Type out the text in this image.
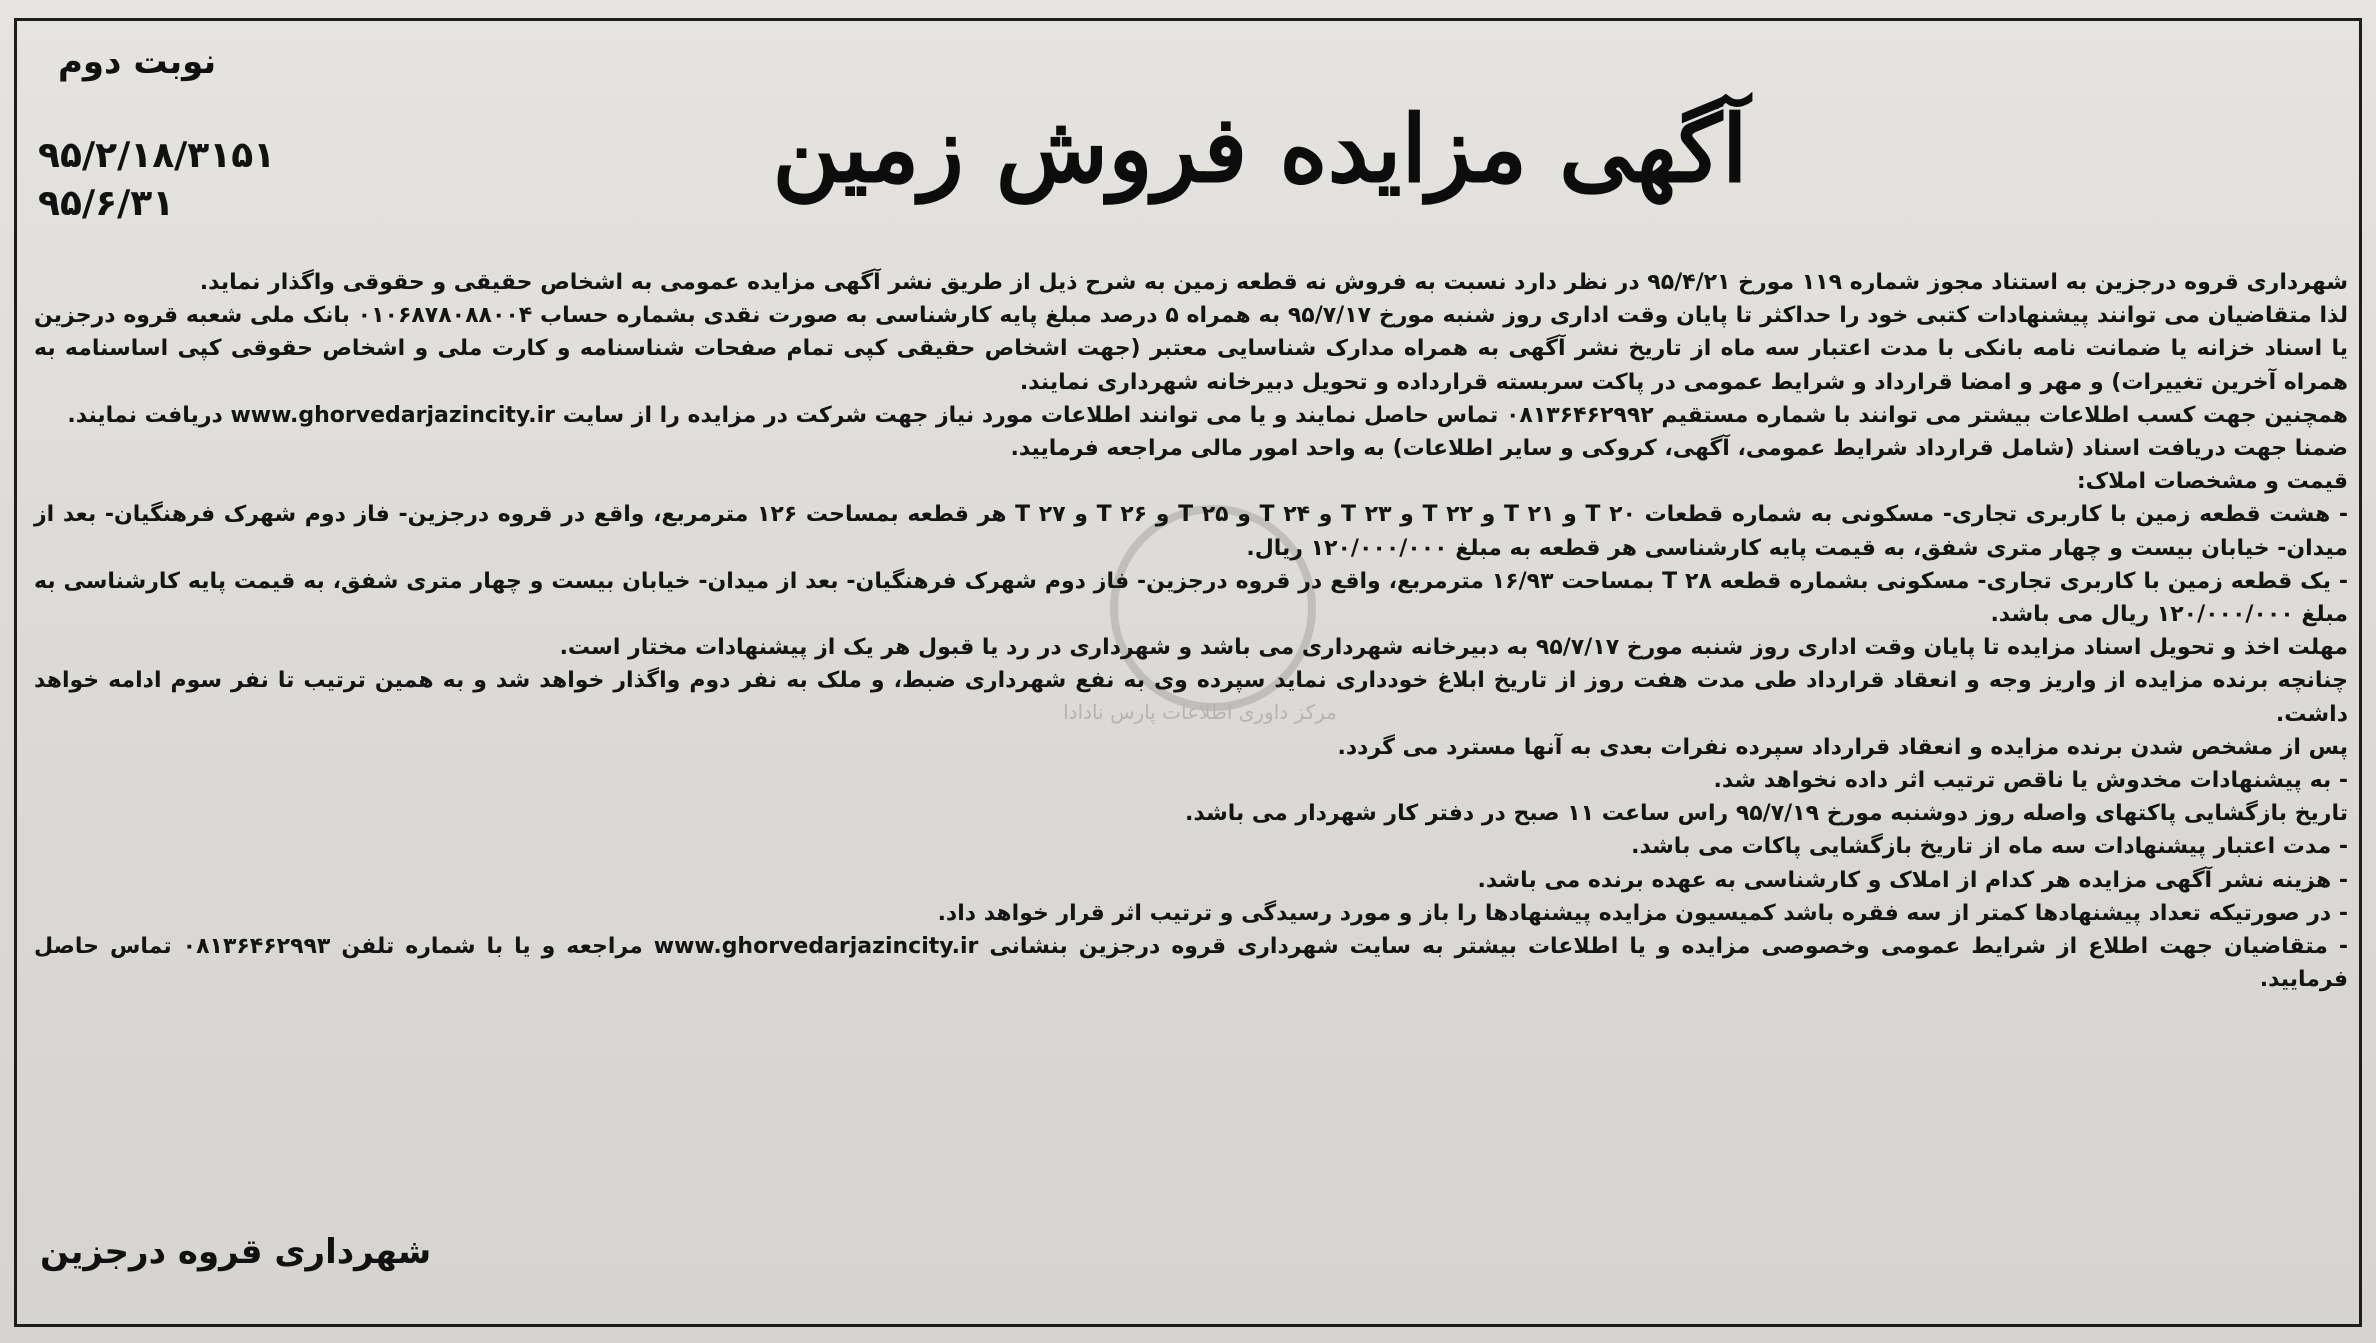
نوبت دوم
۹۵/۲/۱۸/۳۱۵۱
۹۵/۶/۳۱
آگهی مزایده فروش زمین
مرکز داوری اطلاعات پارس نادادا

شهرداری قروه درجزین به استناد مجوز شماره ۱۱۹ مورخ ۹۵/۴/۲۱ در نظر دارد نسبت به فروش نه قطعه زمین به شرح ذیل از طریق نشر آگهی مزایده عمومی به اشخاص حقیقی و حقوقی واگذار نماید.

لذا متقاضیان می توانند پیشنهادات کتبی خود را حداکثر تا پایان وقت اداری روز شنبه مورخ ۹۵/۷/۱۷ به همراه ۵ درصد مبلغ پایه کارشناسی به صورت نقدی بشماره حساب ۰۱۰۶۸۷۸۰۸۸۰۰۴ بانک ملی شعبه قروه درجزین یا اسناد خزانه یا ضمانت نامه بانکی با مدت اعتبار سه ماه از تاریخ نشر آگهی به همراه مدارک شناسایی معتبر (جهت اشخاص حقیقی کپی تمام صفحات شناسنامه و کارت ملی و اشخاص حقوقی کپی اساسنامه به همراه آخرین تغییرات) و مهر و امضا قرارداد و شرایط عمومی در پاکت سربسته قرارداده و تحویل دبیرخانه شهرداری نمایند.

همچنین جهت کسب اطلاعات بیشتر می توانند با شماره مستقیم ۰۸۱۳۶۴۶۲۹۹۲ تماس حاصل نمایند و یا می توانند اطلاعات مورد نیاز جهت شرکت در مزایده را از سایت www.ghorvedarjazincity.ir دریافت نمایند.

ضمنا جهت دریافت اسناد (شامل قرارداد شرایط عمومی، آگهی، کروکی و سایر اطلاعات) به واحد امور مالی مراجعه فرمایید.

قیمت و مشخصات املاک:

- هشت قطعه زمین با کاربری تجاری- مسکونی به شماره قطعات T ۲۰ و T ۲۱ و T ۲۲ و T ۲۳ و T ۲۴ و T ۲۵ و T ۲۶ و T ۲۷ هر قطعه بمساحت ۱۲۶ مترمربع، واقع در قروه درجزین- فاز دوم شهرک فرهنگیان- بعد از میدان- خیابان بیست و چهار متری شفق، به قیمت پایه کارشناسی هر قطعه به مبلغ ۱۲۰/۰۰۰/۰۰۰ ریال.

- یک قطعه زمین با کاربری تجاری- مسکونی بشماره قطعه T ۲۸ بمساحت ۱۶/۹۳ مترمربع، واقع در قروه درجزین- فاز دوم شهرک فرهنگیان- بعد از میدان- خیابان بیست و چهار متری شفق، به قیمت پایه کارشناسی به مبلغ ۱۲۰/۰۰۰/۰۰۰ ریال می باشد.

مهلت اخذ و تحویل اسناد مزایده تا پایان وقت اداری روز شنبه مورخ ۹۵/۷/۱۷ به دبیرخانه شهرداری می باشد و شهرداری در رد یا قبول هر یک از پیشنهادات مختار است.

چنانچه برنده مزایده از واریز وجه و انعقاد قرارداد طی مدت هفت روز از تاریخ ابلاغ خودداری نماید سپرده وی به نفع شهرداری ضبط، و ملک به نفر دوم واگذار خواهد شد و به همین ترتیب تا نفر سوم ادامه خواهد داشت.

پس از مشخص شدن برنده مزایده و انعقاد قرارداد سپرده نفرات بعدی به آنها مسترد می گردد.

- به پیشنهادات مخدوش یا ناقص ترتیب اثر داده نخواهد شد.

تاریخ بازگشایی پاکتهای واصله روز دوشنبه مورخ ۹۵/۷/۱۹ راس ساعت ۱۱ صبح در دفتر کار شهردار می باشد.

- مدت اعتبار پیشنهادات سه ماه از تاریخ بازگشایی پاکات می باشد.

- هزینه نشر آگهی مزایده هر کدام از املاک و کارشناسی به عهده برنده می باشد.

- در صورتیکه تعداد پیشنهادها کمتر از سه فقره باشد کمیسیون مزایده پیشنهادها را باز و مورد رسیدگی و ترتیب اثر قرار خواهد داد.

- متقاضیان جهت اطلاع از شرایط عمومی وخصوصی مزایده و یا اطلاعات بیشتر به سایت شهرداری قروه درجزین بنشانی www.ghorvedarjazincity.ir مراجعه و یا با شماره تلفن ۰۸۱۳۶۴۶۲۹۹۳ تماس حاصل فرمایید.

شهرداری قروه درجزین
